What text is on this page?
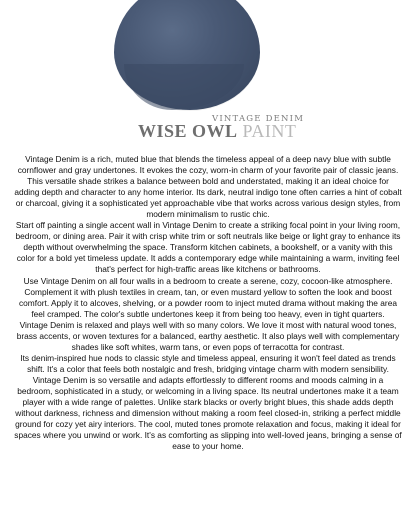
VINTAGE DENIM
WISE OWL PAINT

Vintage Denim is a rich, muted blue that blends the timeless appeal of a deep navy blue with subtle cornflower and gray undertones. It evokes the cozy, worn-in charm of your favorite pair of classic jeans.

This versatile shade strikes a balance between bold and understated, making it an ideal choice for adding depth and character to any home interior. Its dark, neutral indigo tone often carries a hint of cobalt or charcoal, giving it a sophisticated yet approachable vibe that works across various design styles, from modern minimalism to rustic chic.

Start off painting a single accent wall in Vintage Denim to create a striking focal point in your living room, bedroom, or dining area. Pair it with crisp white trim or soft neutrals like beige or light gray to enhance its depth without overwhelming the space. Transform kitchen cabinets, a bookshelf, or a vanity with this color for a bold yet timeless update. It adds a contemporary edge while maintaining a warm, inviting feel that's perfect for high-traffic areas like kitchens or bathrooms.

Use Vintage Denim on all four walls in a bedroom to create a serene, cozy, cocoon-like atmosphere. Complement it with plush textiles in cream, tan, or even mustard yellow to soften the look and boost comfort. Apply it to alcoves, shelving, or a powder room to inject muted drama without making the area feel cramped. The color's subtle undertones keep it from being too heavy, even in tight quarters.

Vintage Denim is relaxed and plays well with so many colors. We love it most with natural wood tones, brass accents, or woven textures for a balanced, earthy aesthetic. It also plays well with complementary shades like soft whites, warm tans, or even pops of terracotta for contrast.

Its denim-inspired hue nods to classic style and timeless appeal, ensuring it won't feel dated as trends shift. It's a color that feels both nostalgic and fresh, bridging vintage charm with modern sensibility.

Vintage Denim is so versatile and adapts effortlessly to different rooms and moods calming in a bedroom, sophisticated in a study, or welcoming in a living space. Its neutral undertones make it a team player with a wide range of palettes. Unlike stark blacks or overly bright blues, this shade adds depth without darkness, richness and dimension without making a room feel closed-in, striking a perfect middle ground for cozy yet airy interiors. The cool, muted tones promote relaxation and focus, making it ideal for spaces where you unwind or work. It's as comforting as slipping into well-loved jeans, bringing a sense of ease to your home.
